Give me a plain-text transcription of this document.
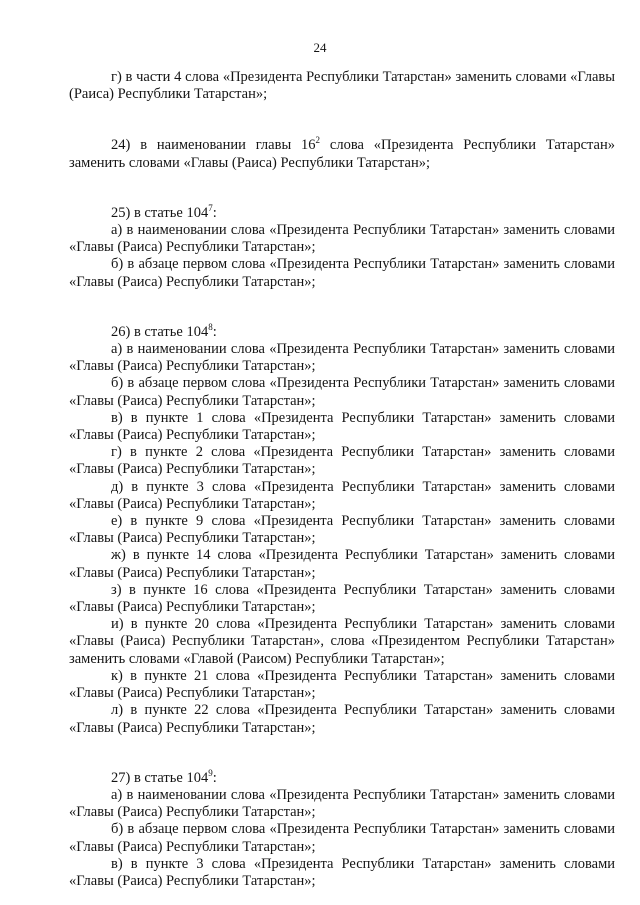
24

г) в части 4 слова «Президента Республики Татарстан» заменить словами «Главы (Раиса) Республики Татарстан»;

24) в наименовании главы $16^2$ слова «Президента Республики Татарстан» заменить словами «Главы (Раиса) Республики Татарстан»;

25) в статье $104^7$:

а) в наименовании слова «Президента Республики Татарстан» заменить словами «Главы (Раиса) Республики Татарстан»;

б) в абзаце первом слова «Президента Республики Татарстан» заменить словами «Главы (Раиса) Республики Татарстан»;

26) в статье $104^8$:

а) в наименовании слова «Президента Республики Татарстан» заменить словами «Главы (Раиса) Республики Татарстан»;

б) в абзаце первом слова «Президента Республики Татарстан» заменить словами «Главы (Раиса) Республики Татарстан»;

в) в пункте 1 слова «Президента Республики Татарстан» заменить словами «Главы (Раиса) Республики Татарстан»;

г) в пункте 2 слова «Президента Республики Татарстан» заменить словами «Главы (Раиса) Республики Татарстан»;

д) в пункте 3 слова «Президента Республики Татарстан» заменить словами «Главы (Раиса) Республики Татарстан»;

е) в пункте 9 слова «Президента Республики Татарстан» заменить словами «Главы (Раиса) Республики Татарстан»;

ж) в пункте 14 слова «Президента Республики Татарстан» заменить словами «Главы (Раиса) Республики Татарстан»;

з) в пункте 16 слова «Президента Республики Татарстан» заменить словами «Главы (Раиса) Республики Татарстан»;

и) в пункте 20 слова «Президента Республики Татарстан» заменить словами «Главы (Раиса) Республики Татарстан», слова «Президентом Республики Татарстан» заменить словами «Главой (Раисом) Республики Татарстан»;

к) в пункте 21 слова «Президента Республики Татарстан» заменить словами «Главы (Раиса) Республики Татарстан»;

л) в пункте 22 слова «Президента Республики Татарстан» заменить словами «Главы (Раиса) Республики Татарстан»;

27) в статье $104^9$:

а) в наименовании слова «Президента Республики Татарстан» заменить словами «Главы (Раиса) Республики Татарстан»;

б) в абзаце первом слова «Президента Республики Татарстан» заменить словами «Главы (Раиса) Республики Татарстан»;

в) в пункте 3 слова «Президента Республики Татарстан» заменить словами «Главы (Раиса) Республики Татарстан»;
